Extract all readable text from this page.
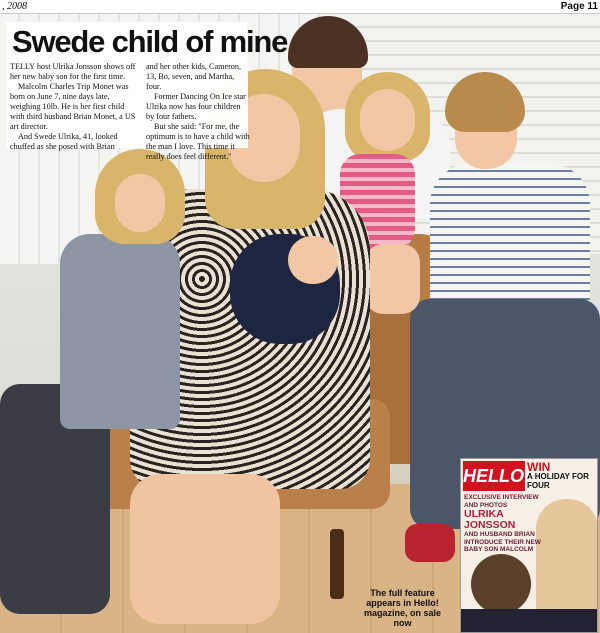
, 2008	Page 11
Swede child of mine

TELLY host Ulrika Jonsson shows off her new baby son for the first time.

Malcolm Charles Trip Monet was born on June 7, nine days late, weighing 10lb. He is her first child with third husband Brian Monet, a US art director.

And Swede Ulrika, 41, looked chuffed as she posed with Brian

and her other kids, Cameron, 13, Bo, seven, and Martha, four.

Former Dancing On Ice star Ulrika now has four children by four fathers.

But she said: "For me, the optimum is to have a child with the man I love. This time it really does feel different."

HELLO!
WIN
A HOLIDAY FOR FOUR
EXCLUSIVE INTERVIEW AND PHOTOS
ULRIKA JONSSON
AND HUSBAND BRIAN INTRODUCE THEIR NEW BABY SON MALCOLM
The full feature appears in Hello! magazine, on sale now
